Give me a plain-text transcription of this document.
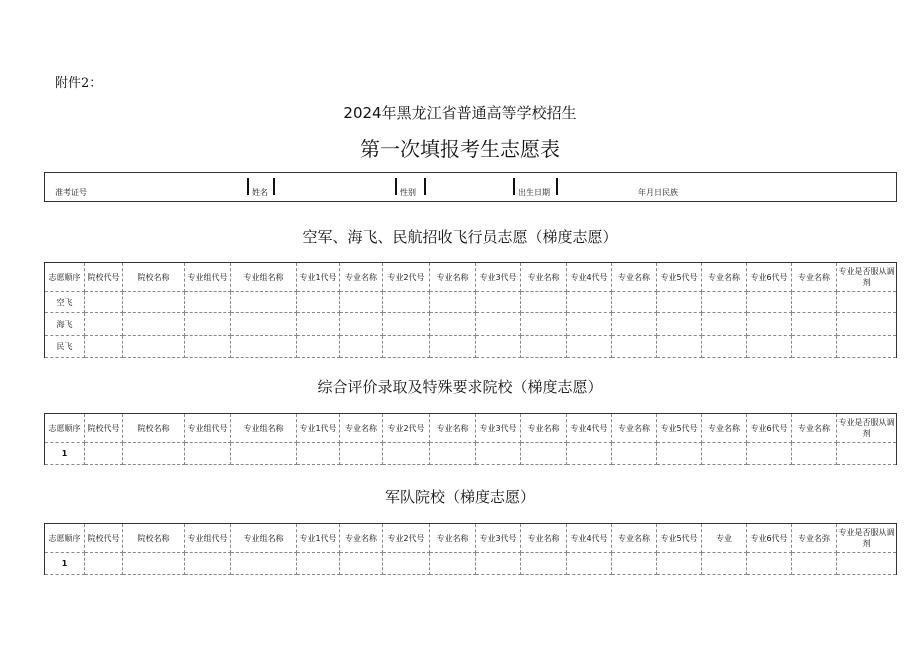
附件2：
2024年黑龙江省普通高等学校招生
第一次填报考生志愿表
准考证号	姓名	性别	出生日期	年月日民族
空军、海飞、民航招收飞行员志愿（梯度志愿）
志愿顺序	院校代号	院校名称	专业组代号	专业组名称	专业1代号	专业名称	专业2代号	专业名称	专业3代号	专业名称	专业4代号	专业名称	专业5代号	专业名称	专业6代号	专业名称	专业是否服从调剂
空飞																	
海飞																	
民飞																	
综合评价录取及特殊要求院校（梯度志愿）
志愿顺序	院校代号	院校名称	专业组代号	专业组名称	专业1代号	专业名称	专业2代号	专业名称	专业3代号	专业名称	专业4代号	专业名称	专业5代号	专业名称	专业6代号	专业名称	专业是否服从调剂
1																	
军队院校（梯度志愿）
志愿顺序	院校代号	院校名称	专业组代号	专业组名称	专业1代号	专业名称	专业2代号	专业名称	专业3代号	专业名称	专业4代号	专业名称	专业5代号	专业	专业6代号	专业名弥	专业是否服从调剂
1																	
